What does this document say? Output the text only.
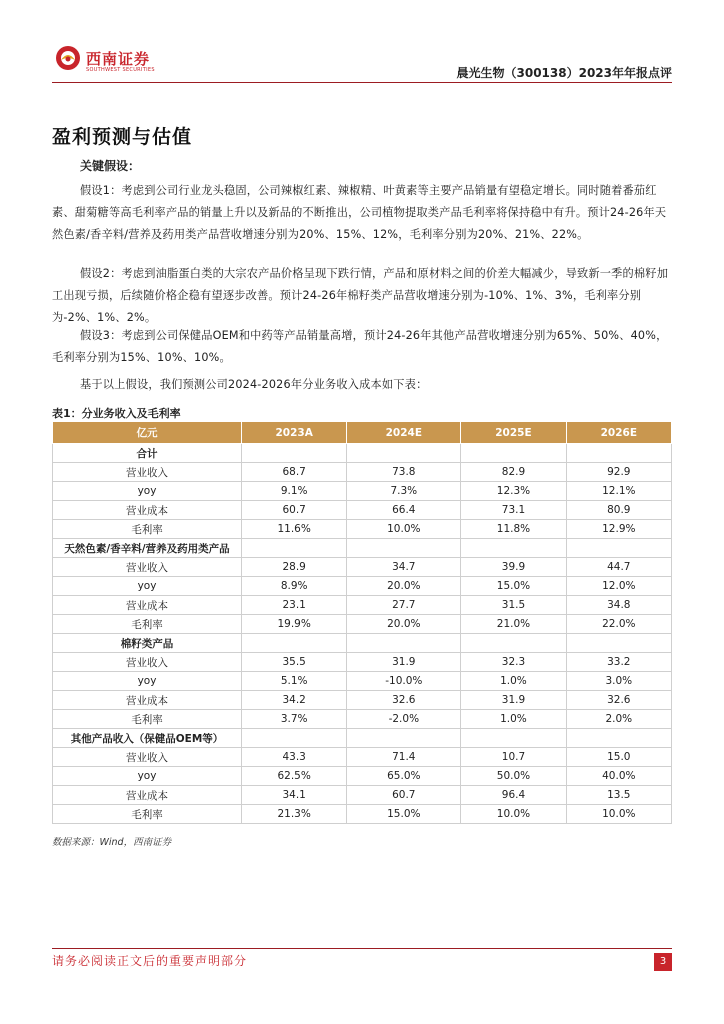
西南证券
SOUTHWEST SECURITIES	晨光生物（300138）2023年年报点评
盈利预测与估值
关键假设：

假设1：考虑到公司行业龙头稳固，公司辣椒红素、辣椒精、叶黄素等主要产品销量有望稳定增长。同时随着番茄红素、甜菊糖等高毛利率产品的销量上升以及新品的不断推出，公司植物提取类产品毛利率将保持稳中有升。预计24-26年天然色素/香辛料/营养及药用类产品营收增速分别为20%、15%、12%，毛利率分别为20%、21%、22%。

假设2：考虑到油脂蛋白类的大宗农产品价格呈现下跌行情，产品和原材料之间的价差大幅减少，导致新一季的棉籽加工出现亏损，后续随价格企稳有望逐步改善。预计24-26年棉籽类产品营收增速分别为-10%、1%、3%，毛利率分别为-2%、1%、2%。

假设3：考虑到公司保健品OEM和中药等产品销量高增，预计24-26年其他产品营收增速分别为65%、50%、40%，毛利率分别为15%、10%、10%。

基于以上假设，我们预测公司2024-2026年分业务收入成本如下表：

表1：分业务收入及毛利率
亿元	2023A	2024E	2025E	2026E
合计				
营业收入	68.7	73.8	82.9	92.9
yoy	9.1%	7.3%	12.3%	12.1%
营业成本	60.7	66.4	73.1	80.9
毛利率	11.6%	10.0%	11.8%	12.9%
天然色素/香辛料/营养及药用类产品				
营业收入	28.9	34.7	39.9	44.7
yoy	8.9%	20.0%	15.0%	12.0%
营业成本	23.1	27.7	31.5	34.8
毛利率	19.9%	20.0%	21.0%	22.0%
棉籽类产品				
营业收入	35.5	31.9	32.3	33.2
yoy	5.1%	-10.0%	1.0%	3.0%
营业成本	34.2	32.6	31.9	32.6
毛利率	3.7%	-2.0%	1.0%	2.0%
其他产品收入（保健品OEM等）				
营业收入	43.3	71.4	10.7	15.0
yoy	62.5%	65.0%	50.0%	40.0%
营业成本	34.1	60.7	96.4	13.5
毛利率	21.3%	15.0%	10.0%	10.0%
数据来源：Wind，西南证券
请务必阅读正文后的重要声明部分	3
